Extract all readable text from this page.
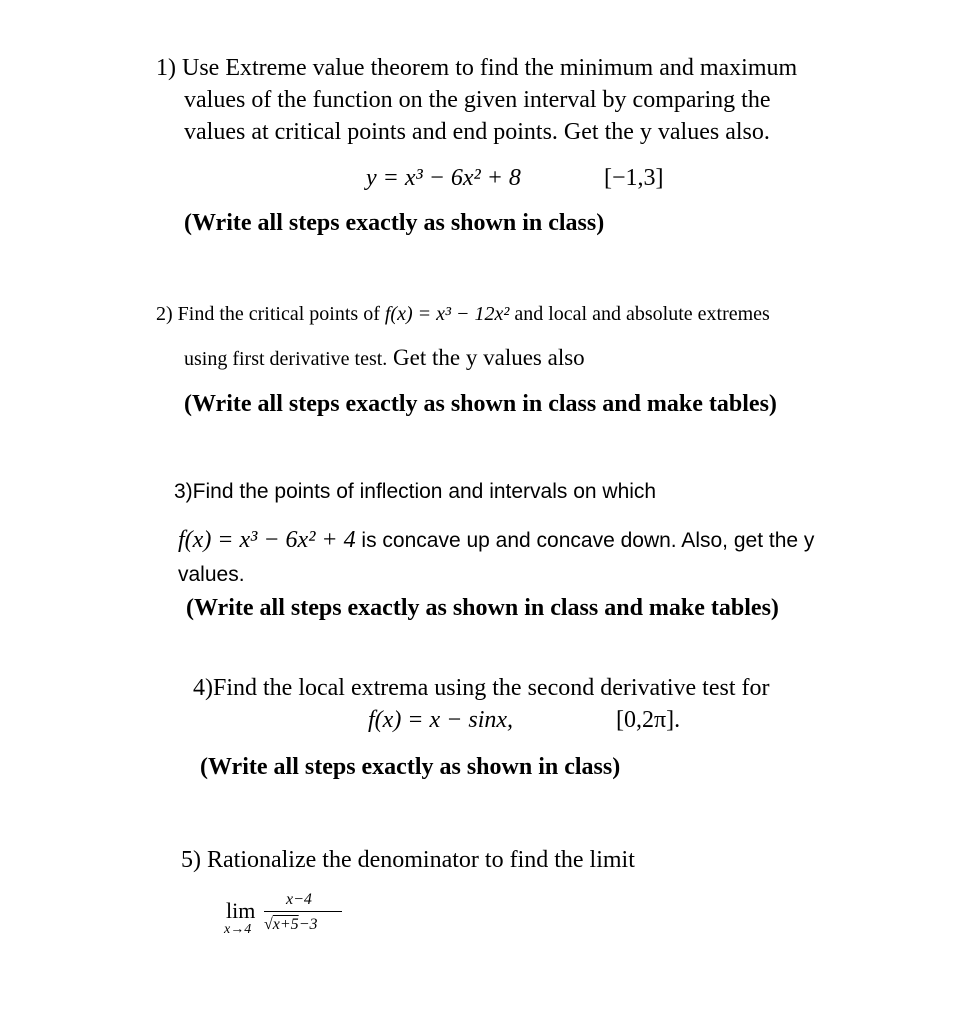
1) Use Extreme value theorem to find the minimum and maximum
values of the function on the given interval by comparing the
values at critical points and end points. Get the y values also.
y = x³ − 6x² + 8	[−1,3]
(Write all steps exactly as shown in class)
2) Find the critical points of f(x) = x³ − 12x² and local and absolute extremes
using first derivative test. Get the y values also
(Write all steps exactly as shown in class and make tables)
3)Find the points of inflection and intervals on which
f(x) = x³ − 6x² + 4 is concave up and concave down. Also, get the y
values.
(Write all steps exactly as shown in class and make tables)
4)Find the local extrema using the second derivative test for
f(x) = x − sinx,	[0,2π].
(Write all steps exactly as shown in class)
5) Rationalize the denominator to find the limit
lim
x→4
x−4
√x+5−3
